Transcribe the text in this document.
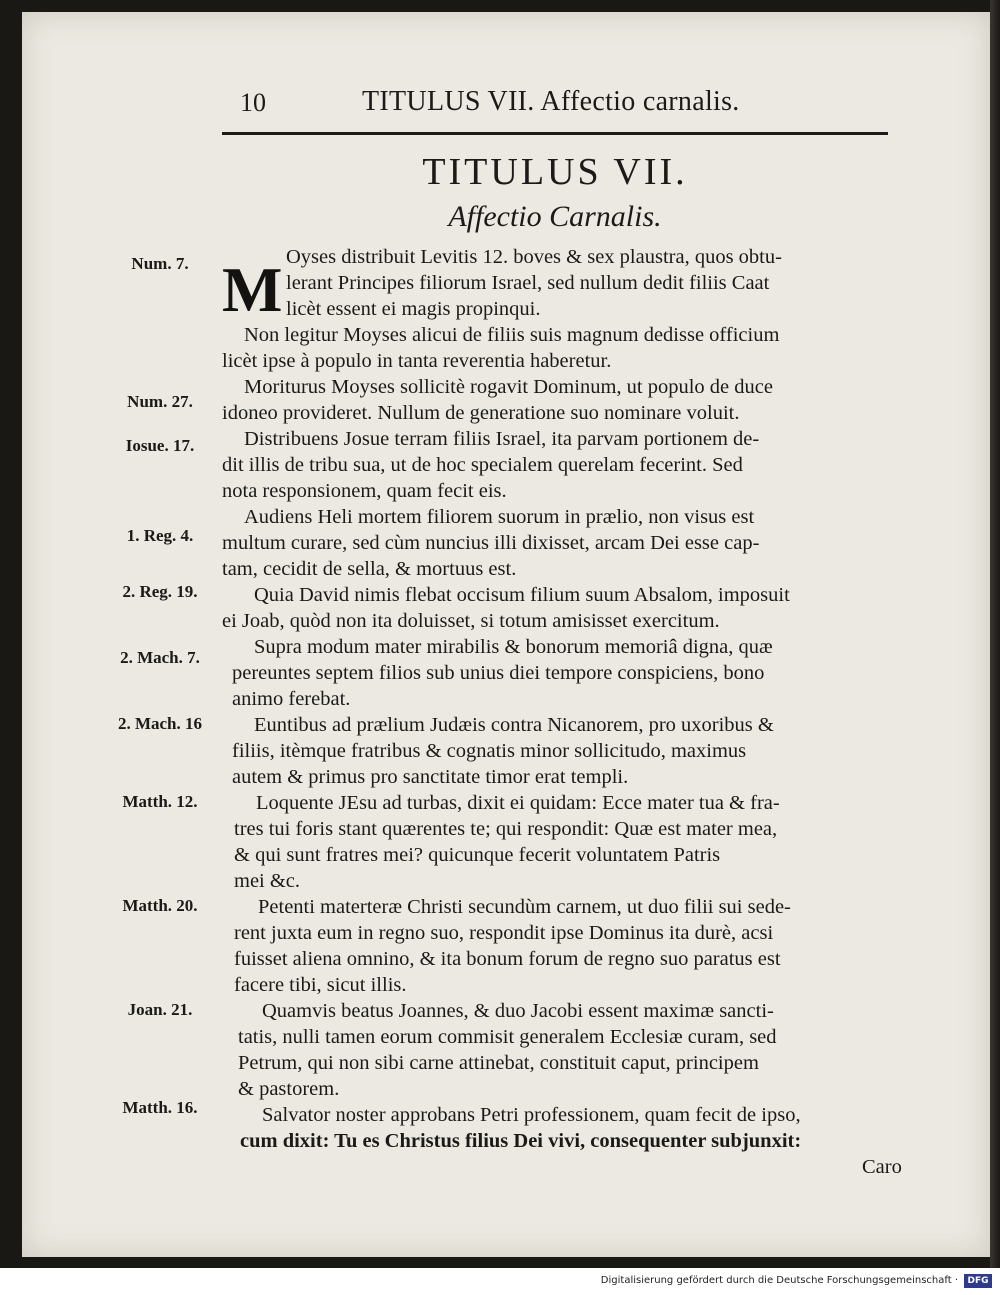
10	TITULUS VII. Affectio carnalis.
TITULUS VII.
Affectio Carnalis.
Num. 7.
Num. 27.
Iosue. 17.
1. Reg. 4.
2. Reg. 19.
2. Mach. 7.
2. Mach. 16
Matth. 12.
Matth. 20.
Joan. 21.
Matth. 16.
M Oyses distribuit Levitis 12. boves & sex plaustra, quos obtu-
lerant Principes filiorum Israel, sed nullum dedit filiis Caat
licèt essent ei magis propinqui.
Non legitur Moyses alicui de filiis suis magnum dedisse officium
licèt ipse à populo in tanta reverentia haberetur.
Moriturus Moyses sollicitè rogavit Dominum, ut populo de duce
idoneo provideret. Nullum de generatione suo nominare voluit.
Distribuens Josue terram filiis Israel, ita parvam portionem de-
dit illis de tribu sua, ut de hoc specialem querelam fecerint. Sed
nota responsionem, quam fecit eis.
Audiens Heli mortem filiorem suorum in prælio, non visus est
multum curare, sed cùm nuncius illi dixisset, arcam Dei esse cap-
tam, cecidit de sella, & mortuus est.
Quia David nimis flebat occisum filium suum Absalom, imposuit
ei Joab, quòd non ita doluisset, si totum amisisset exercitum.
Supra modum mater mirabilis & bonorum memoriâ digna, quæ
pereuntes septem filios sub unius diei tempore conspiciens, bono
animo ferebat.
Euntibus ad prælium Judæis contra Nicanorem, pro uxoribus &
filiis, itèmque fratribus & cognatis minor sollicitudo, maximus
autem & primus pro sanctitate timor erat templi.
Loquente JEsu ad turbas, dixit ei quidam: Ecce mater tua & fra-
tres tui foris stant quærentes te; qui respondit: Quæ est mater mea,
& qui sunt fratres mei? quicunque fecerit voluntatem Patris
mei &c.
Petenti materteræ Christi secundùm carnem, ut duo filii sui sede-
rent juxta eum in regno suo, respondit ipse Dominus ita durè, acsi
fuisset aliena omnino, & ita bonum forum de regno suo paratus est
facere tibi, sicut illis.
Quamvis beatus Joannes, & duo Jacobi essent maximæ sancti-
tatis, nulli tamen eorum commisit generalem Ecclesiæ curam, sed
Petrum, qui non sibi carne attinebat, constituit caput, principem
& pastorem.
Salvator noster approbans Petri professionem, quam fecit de ipso,
cum dixit: Tu es Christus filius Dei vivi, consequenter subjunxit:
Caro
Digitalisierung gefördert durch die Deutsche Forschungsgemeinschaft ·	DFG
